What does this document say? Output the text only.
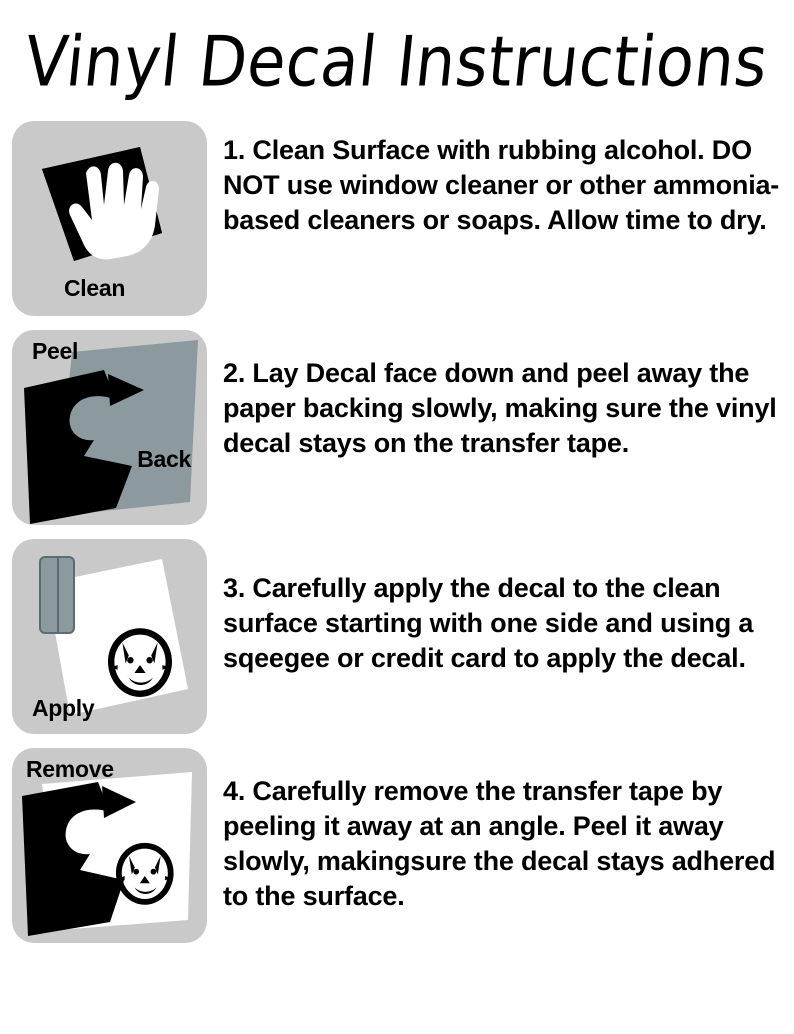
Vinyl Decal Instructions
Clean
1. Clean Surface with rubbing alcohol. DO NOT use window cleaner or other ammonia-based cleaners or soaps. Allow time to dry.
Peel
Back
2. Lay Decal face down and peel away the paper backing slowly, making sure the vinyl decal stays on the transfer tape.
Apply
3. Carefully apply the decal to the clean surface starting with one side and using a sqeegee or credit card to apply the decal.
Remove
4. Carefully remove the transfer tape by peeling it away at an angle. Peel it away slowly, makingsure the decal stays adhered to the surface.
